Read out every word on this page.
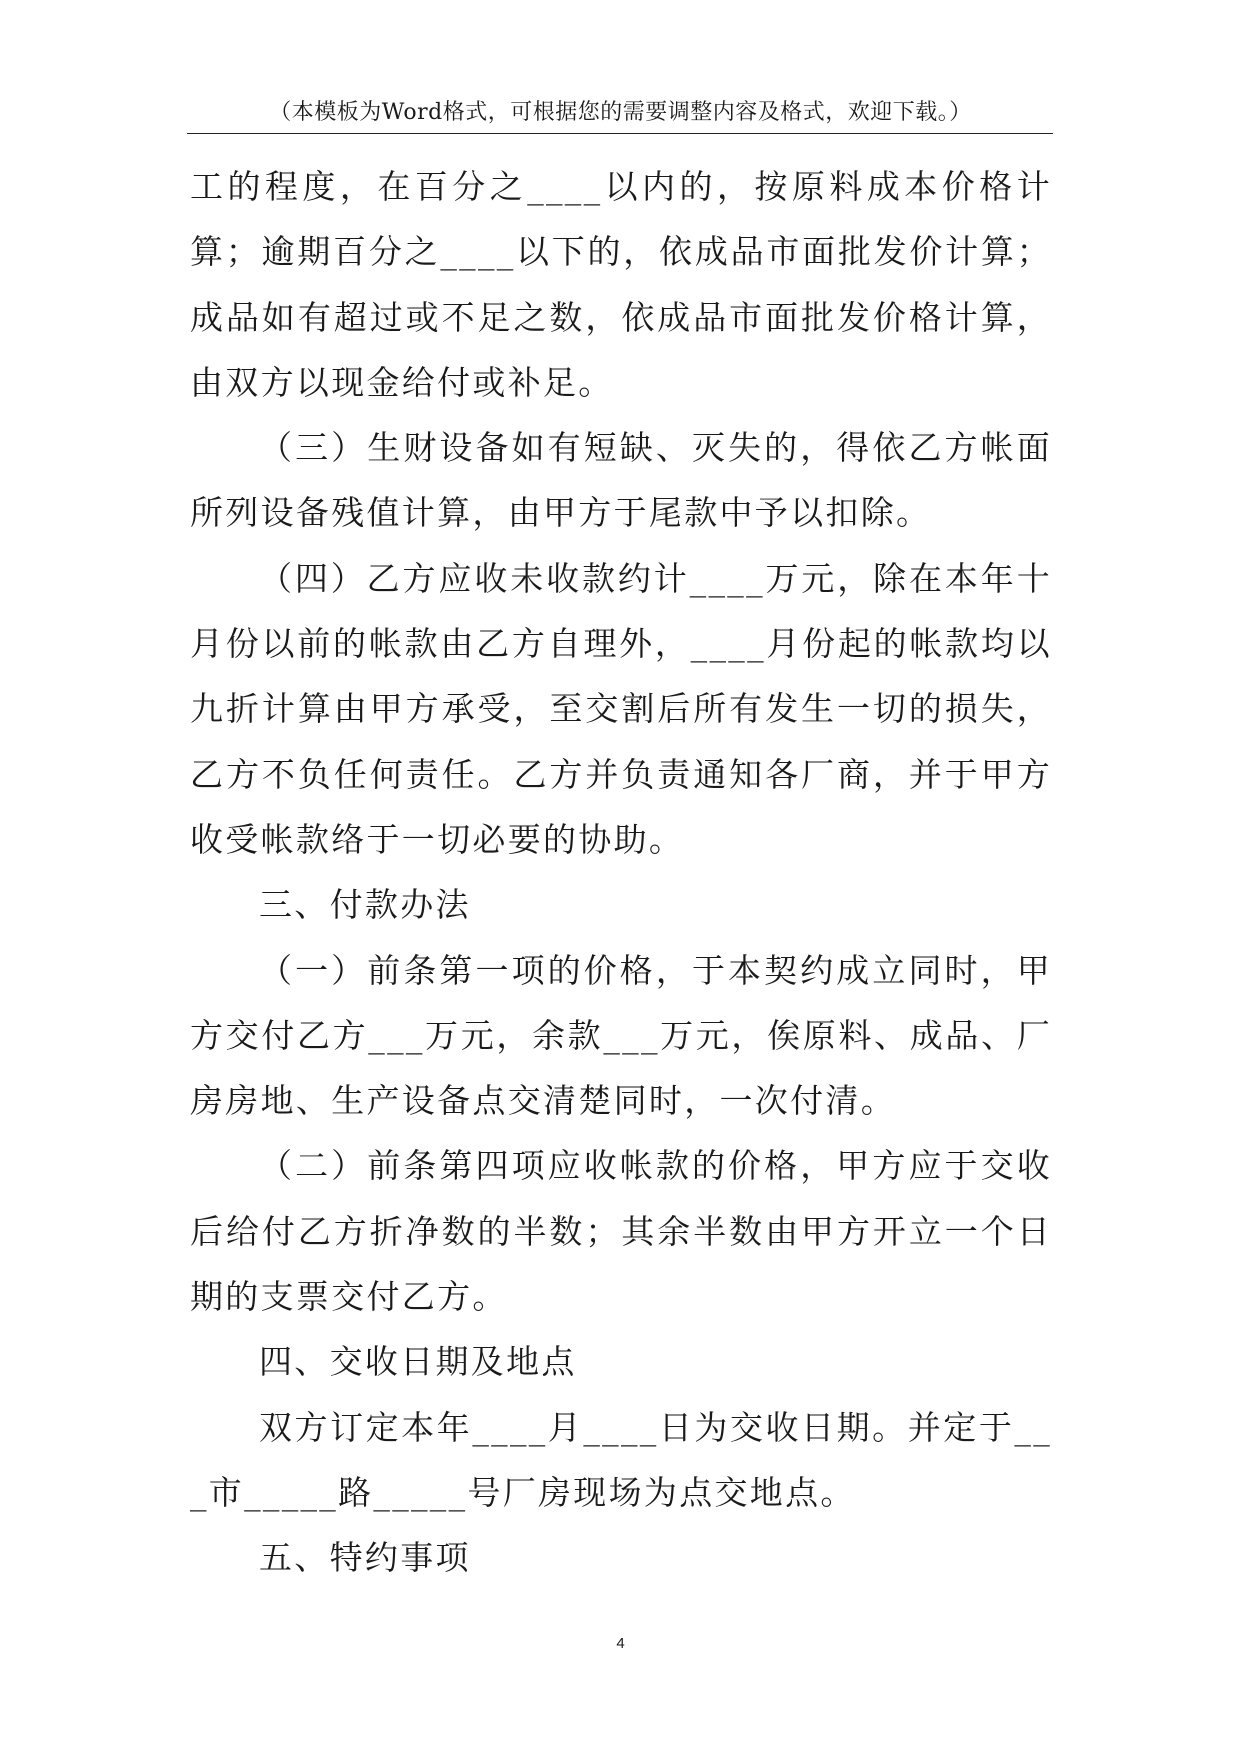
（本模板为Word格式，可根据您的需要调整内容及格式，欢迎下载。）

工的程度，在百分之____以内的，按原料成本价格计算；逾期百分之____以下的，依成品市面批发价计算；成品如有超过或不足之数，依成品市面批发价格计算，由双方以现金给付或补足。

（三）生财设备如有短缺、灭失的，得依乙方帐面所列设备残值计算，由甲方于尾款中予以扣除。

（四）乙方应收未收款约计____万元，除在本年十月份以前的帐款由乙方自理外，____月份起的帐款均以九折计算由甲方承受，至交割后所有发生一切的损失，乙方不负任何责任。乙方并负责通知各厂商，并于甲方收受帐款络于一切必要的协助。

三、付款办法

（一）前条第一项的价格，于本契约成立同时，甲方交付乙方___万元，余款___万元，俟原料、成品、厂房房地、生产设备点交清楚同时，一次付清。

（二）前条第四项应收帐款的价格，甲方应于交收后给付乙方折净数的半数；其余半数由甲方开立一个日期的支票交付乙方。

四、交收日期及地点

双方订定本年____月____日为交收日期。并定于___市_____路_____号厂房现场为点交地点。

五、特约事项

4
